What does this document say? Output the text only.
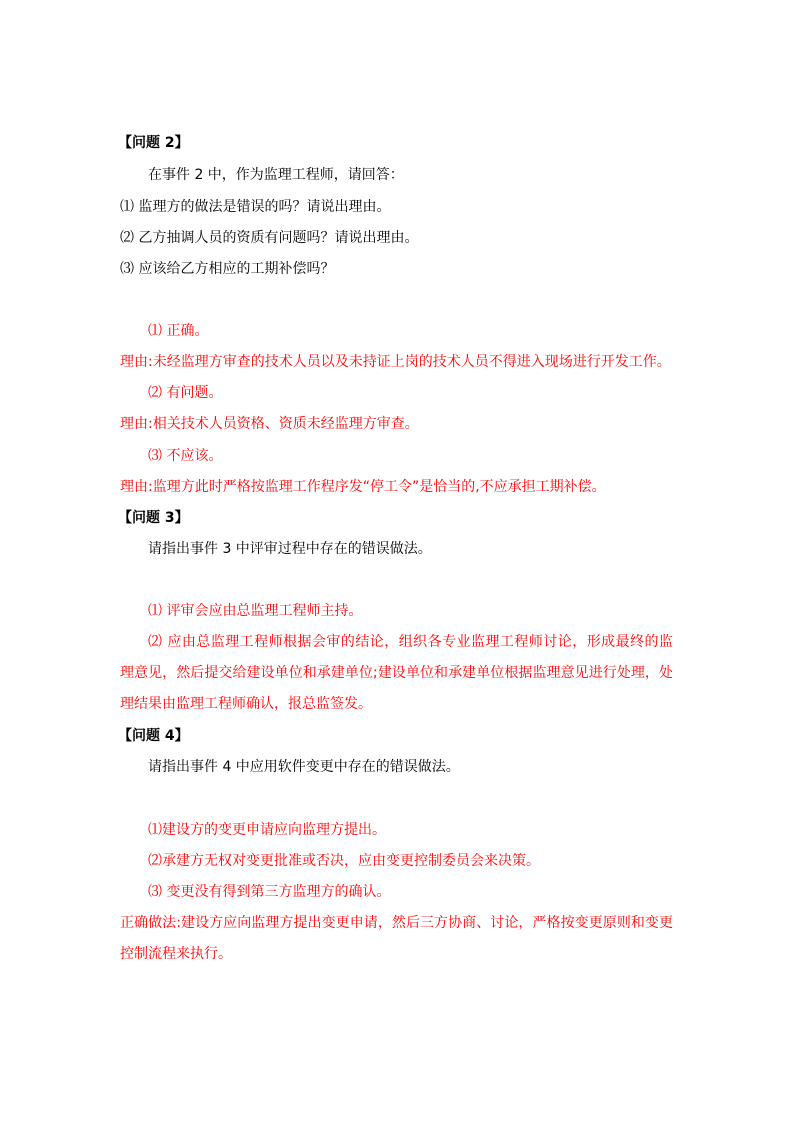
【问题 2】
在事件 2 中，作为监理工程师，请回答：
⑴ 监理方的做法是错误的吗？请说出理由。
⑵ 乙方抽调人员的资质有问题吗？请说出理由。
⑶ 应该给乙方相应的工期补偿吗？
⑴ 正确。
理由:未经监理方审查的技术人员以及未持证上岗的技术人员不得进入现场进行开发工作。
⑵ 有问题。
理由:相关技术人员资格、资质未经监理方审查。
⑶ 不应该。
理由:监理方此时严格按监理工作程序发“停工令”是恰当的,不应承担工期补偿。
【问题 3】
请指出事件 3 中评审过程中存在的错误做法。
⑴ 评审会应由总监理工程师主持。
⑵ 应由总监理工程师根据会审的结论，组织各专业监理工程师讨论，形成最终的监
理意见，然后提交给建设单位和承建单位;建设单位和承建单位根据监理意见进行处理，处
理结果由监理工程师确认，报总监签发。
【问题 4】
请指出事件 4 中应用软件变更中存在的错误做法。
⑴建设方的变更申请应向监理方提出。
⑵承建方无权对变更批准或否决，应由变更控制委员会来决策。
⑶ 变更没有得到第三方监理方的确认。
正确做法:建设方应向监理方提出变更申请，然后三方协商、讨论，严格按变更原则和变更
控制流程来执行。
